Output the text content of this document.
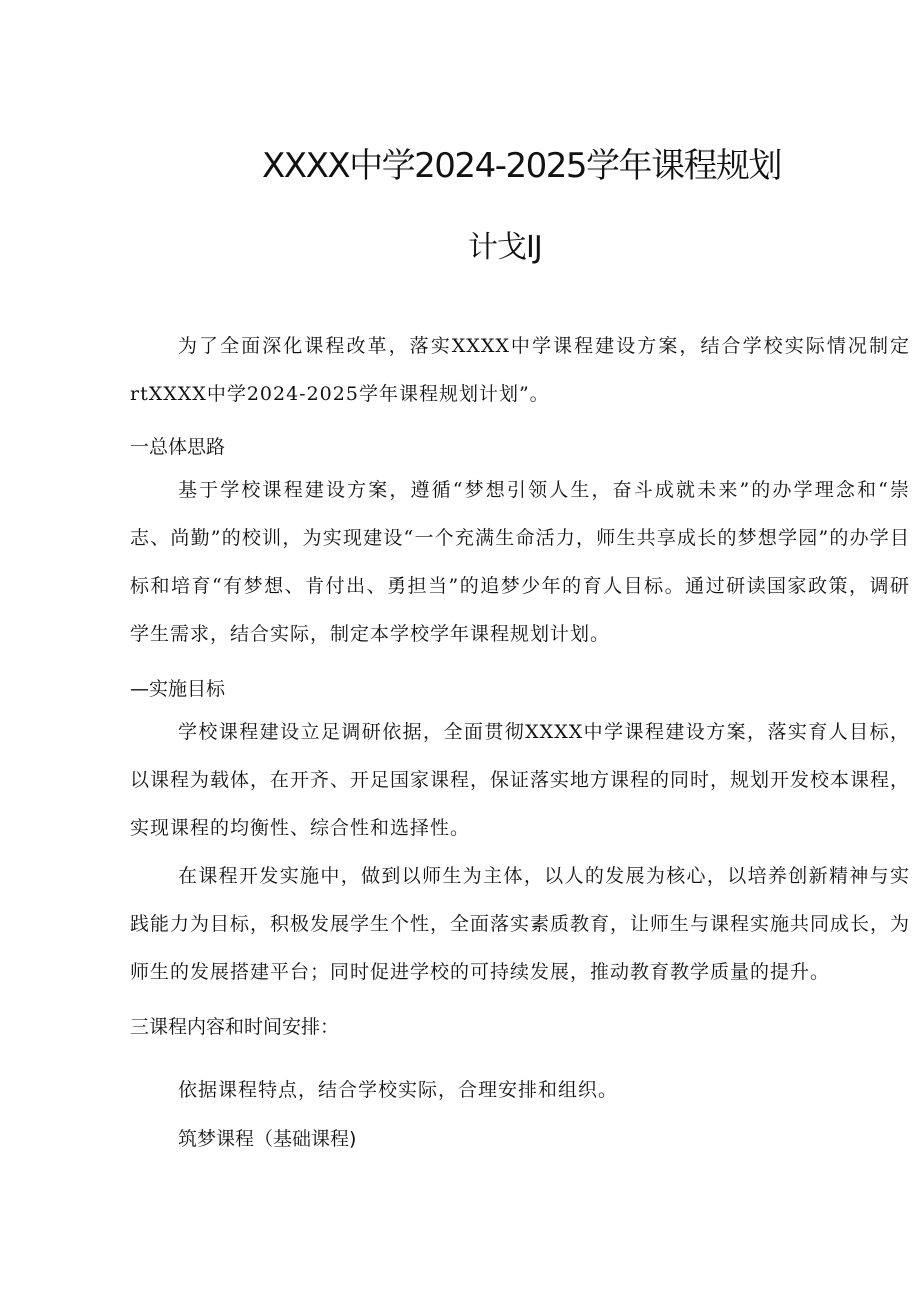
XXXX中学2024-2025学年课程规划
计戈IJ
为了全面深化课程改革，落实XXXX中学课程建设方案，结合学校实际情况制定rtXXXX中学2024-2025学年课程规划计划”。
一总体思路
基于学校课程建设方案，遵循“梦想引领人生，奋斗成就未来”的办学理念和“崇志、尚勤”的校训，为实现建设“一个充满生命活力，师生共享成长的梦想学园”的办学目标和培育“有梦想、肯付出、勇担当”的追梦少年的育人目标。通过研读国家政策，调研学生需求，结合实际，制定本学校学年课程规划计划。
—实施目标
学校课程建设立足调研依据，全面贯彻XXXX中学课程建设方案，落实育人目标，以课程为载体，在开齐、开足国家课程，保证落实地方课程的同时，规划开发校本课程，实现课程的均衡性、综合性和选择性。
在课程开发实施中，做到以师生为主体，以人的发展为核心，以培养创新精神与实践能力为目标，积极发展学生个性，全面落实素质教育，让师生与课程实施共同成长，为师生的发展搭建平台；同时促进学校的可持续发展，推动教育教学质量的提升。
三课程内容和时间安排：
依据课程特点，结合学校实际，合理安排和组织。
筑梦课程（基础课程)
